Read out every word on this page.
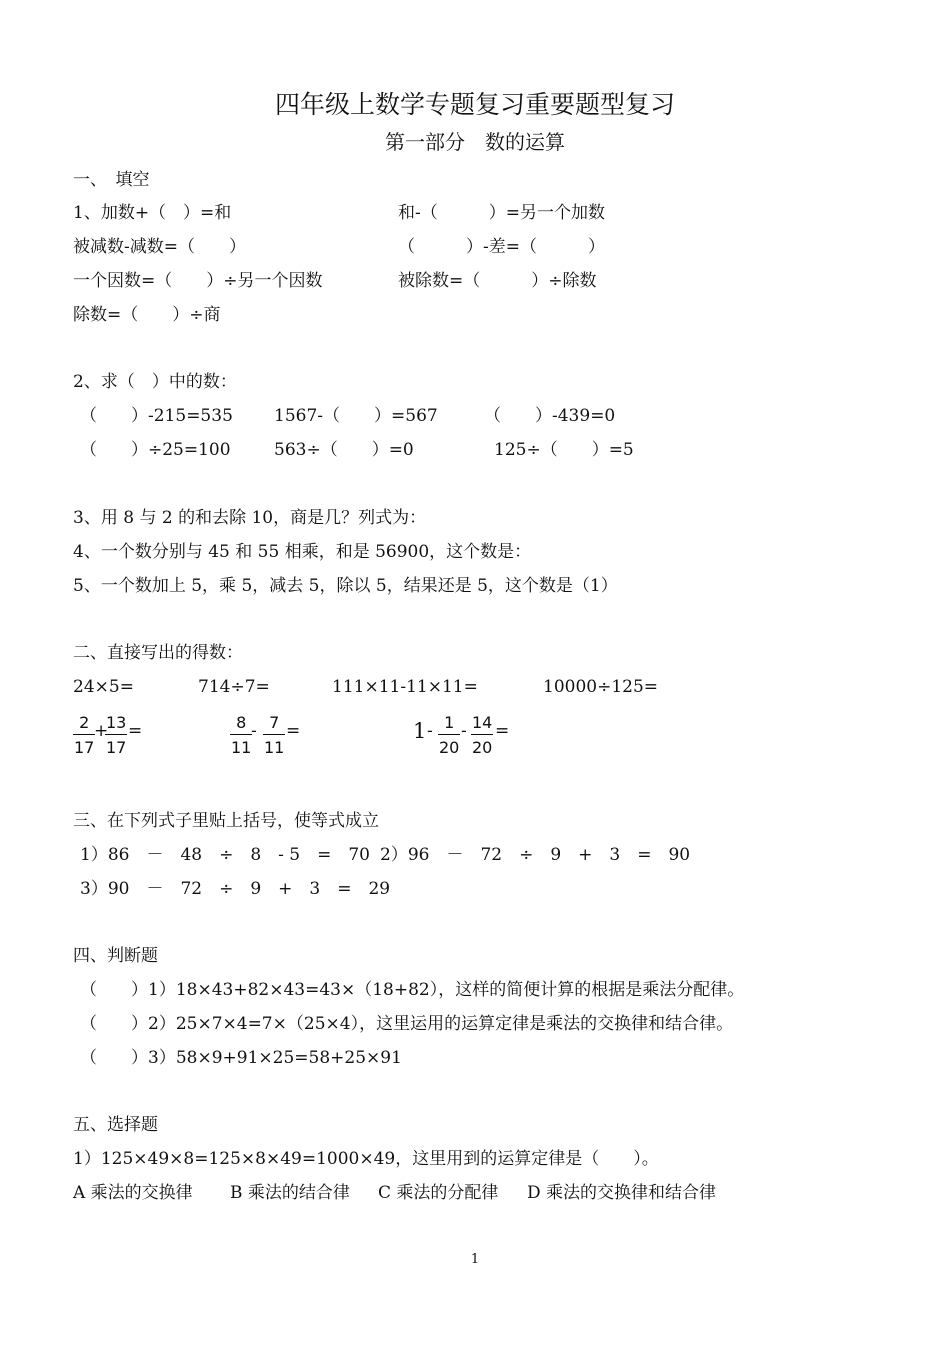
四年级上数学专题复习重要题型复习
第一部分　数的运算
一、　填空
1、加数+（　）=和	和-（　　　）=另一个加数
被减数-减数=（　　）	（　　　）-差=（　　　）
一个因数=（　　）÷另一个因数	被除数=（　　　）÷除数
除数=（　　）÷商
2、求（　）中的数：
（　　）-215=535 1567-（　　）=567	（　　）-439=0
（　　）÷25=100	563÷（　　）=0	125÷（　　）=5
3、用 8 与 2 的和去除 10，商是几？列式为：
4、一个数分别与 45 和 55 相乘，和是 56900，这个数是：
5、一个数加上 5，乘 5，减去 5，除以 5，结果还是 5，这个数是（1）
二、直接写出的得数：
24×5=	714÷7=	111×11-11×11=	10000÷125=
2
17
+
13
17
=	8
11
- 7
11
=	1 - 1
20
- 14
20
=
三、在下列式子里贴上括号，使等式成立
1）86　－　48　÷　8　- 5　=　70 2）96　－　72　÷　9　+　3　=　90
3）90　－　72　÷　9　+　3　=　29
四、判断题
（　　）1）18×43+82×43=43×（18+82），这样的简便计算的根据是乘法分配律。
（　　）2）25×7×4=7×（25×4），这里运用的运算定律是乘法的交换律和结合律。
（　　）3）58×9+91×25=58+25×91
五、选择题
1）125×49×8=125×8×49=1000×49，这里用到的运算定律是（　　）。
A 乘法的交换律 B 乘法的结合律 C 乘法的分配律 D 乘法的交换律和结合律
1
